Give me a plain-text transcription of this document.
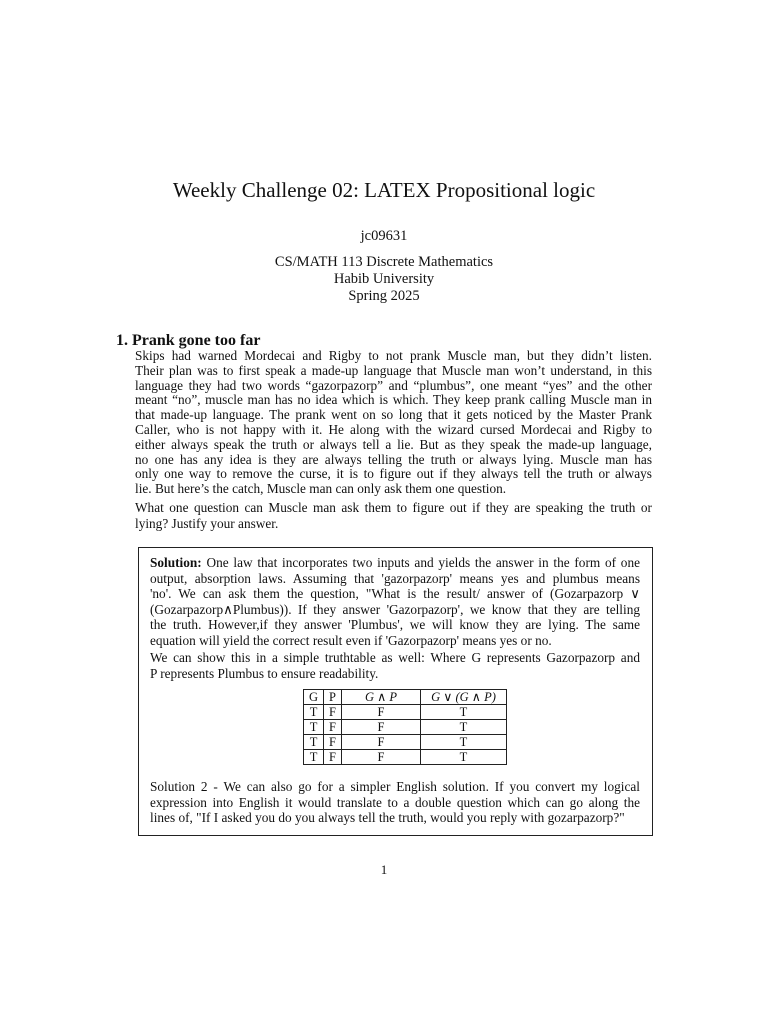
Weekly Challenge 02: LATEX Propositional logic
jc09631
CS/MATH 113 Discrete Mathematics
Habib University
Spring 2025
1. Prank gone too far
Skips had warned Mordecai and Rigby to not prank Muscle man, but they didn’t listen.
Their plan was to first speak a made-up language that Muscle man won’t understand, in this
language they had two words “gazorpazorp” and “plumbus”, one meant “yes” and the other
meant “no”, muscle man has no idea which is which. They keep prank calling Muscle man in
that made-up language. The prank went on so long that it gets noticed by the Master Prank
Caller, who is not happy with it. He along with the wizard cursed Mordecai and Rigby to
either always speak the truth or always tell a lie. But as they speak the made-up language,
no one has any idea is they are always telling the truth or always lying. Muscle man has
only one way to remove the curse, it is to figure out if they always tell the truth or always
lie. But here’s the catch, Muscle man can only ask them one question.
What one question can Muscle man ask them to figure out if they are speaking the truth or
lying? Justify your answer.
Solution: One law that incorporates two inputs and yields the answer in the form of one
output, absorption laws. Assuming that 'gazorpazorp' means yes and plumbus means
'no'. We can ask them the question, "What is the result/ answer of (Gozarpazorp ∨
(Gozarpazorp∧Plumbus)). If they answer 'Gazorpazorp', we know that they are telling
the truth. However,if they answer 'Plumbus', we will know they are lying. The same
equation will yield the correct result even if 'Gazorpazorp' means yes or no.
We can show this in a simple truthtable as well: Where G represents Gazorpazorp and
P represents Plumbus to ensure readability.
G	P	G ∧ P	G ∨ (G ∧ P)
T	F	F	T
T	F	F	T
T	F	F	T
T	F	F	T
Solution 2 - We can also go for a simpler English solution. If you convert my logical
expression into English it would translate to a double question which can go along the
lines of, "If I asked you do you always tell the truth, would you reply with gozarpazorp?"
1
